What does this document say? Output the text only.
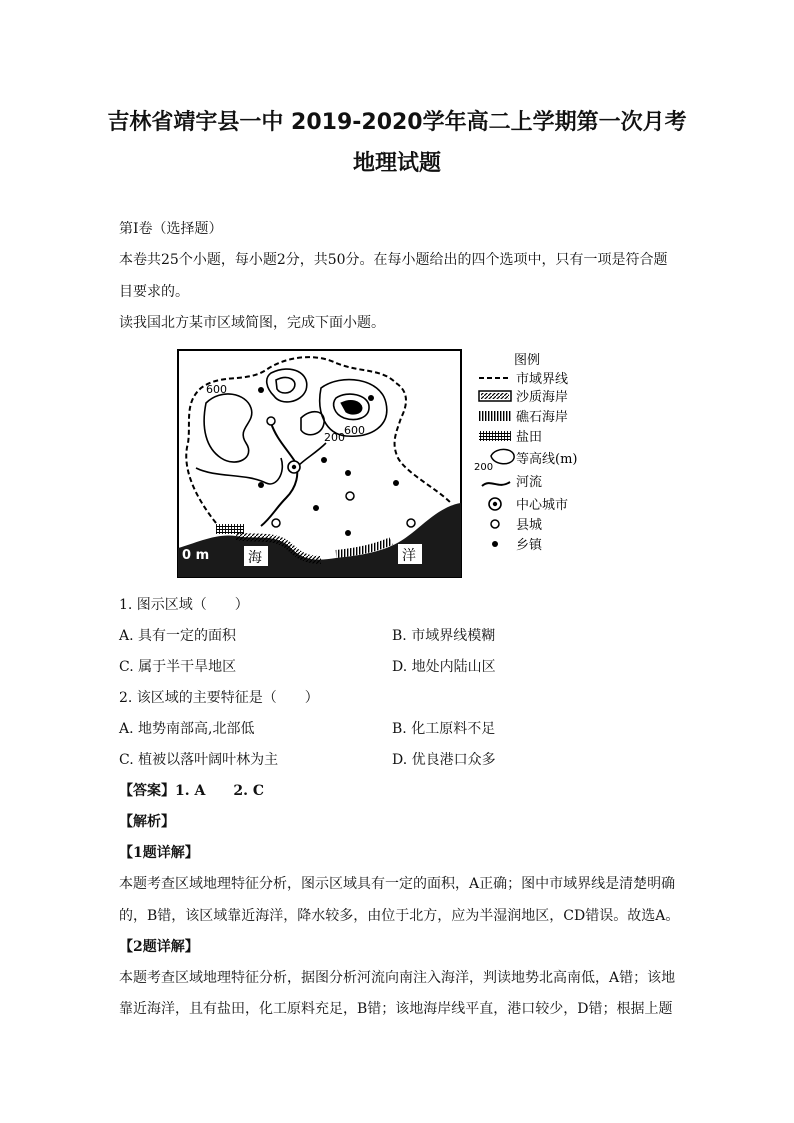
吉林省靖宇县一中 2019-2020学年高二上学期第一次月考
地理试题
第Ⅰ卷（选择题）
本卷共25个小题，每小题2分，共50分。在每小题给出的四个选项中，只有一项是符合题
目要求的。
读我国北方某市区域简图，完成下面小题。
600
600
200
0 m	海	洋
图例
市域界线
沙质海岸
礁石海岸
盐田
200
等高线(m)
河流
中心城市
县城
乡镇
1. 图示区域（　　）
A. 具有一定的面积	B. 市域界线模糊
C. 属于半干旱地区	D. 地处内陆山区
2. 该区域的主要特征是（　　）
A. 地势南部高,北部低	B. 化工原料不足
C. 植被以落叶阔叶林为主	D. 优良港口众多
【答案】1. A　　2. C
【解析】
【1题详解】
本题考查区域地理特征分析，图示区域具有一定的面积，A正确；图中市域界线是清楚明确
的，B错，该区域靠近海洋，降水较多，由位于北方，应为半湿润地区，CD错误。故选A。
【2题详解】
本题考查区域地理特征分析，据图分析河流向南注入海洋，判读地势北高南低，A错；该地
靠近海洋，且有盐田，化工原料充足，B错；该地海岸线平直，港口较少，D错；根据上题
